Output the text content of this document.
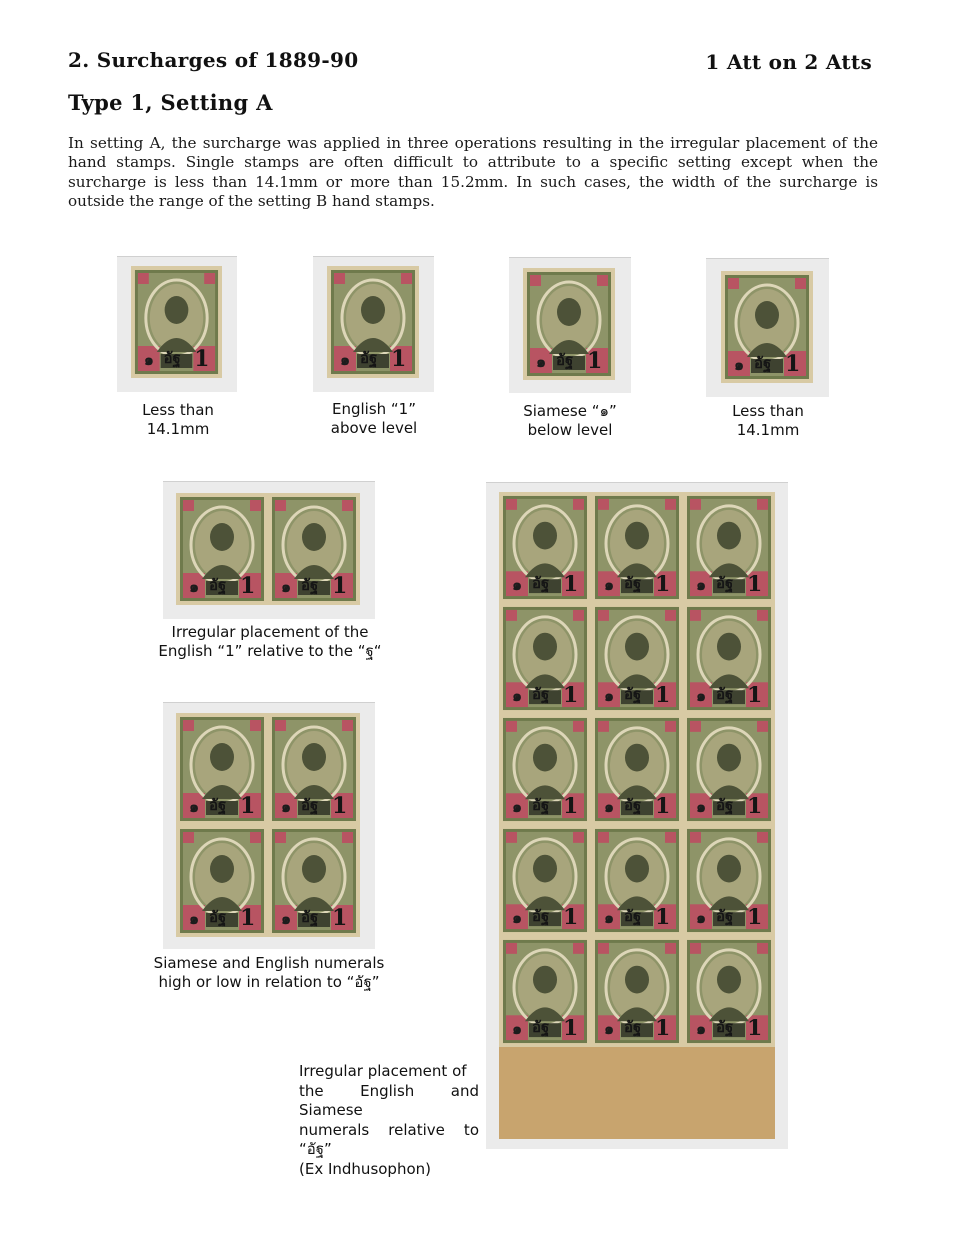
2. Surcharges of 1889-90	1 Att on 2 Atts
Type 1, Setting A
In setting A, the surcharge was applied in three operations resulting in the irregular placement of the hand stamps. Single stamps are often difficult to attribute to a specific setting except when the surcharge is less than 14.1mm or more than 15.2mm. In such cases, the width of the surcharge is outside the range of the setting B hand stamps.
๑ อัฐ 1
Less than
14.1mm
๑ อัฐ 1
English “1”
above level
๑ อัฐ 1
Siamese “๑”
below level
๑ อัฐ 1
Less than
14.1mm
๑ อัฐ 1 ๑ อัฐ 1
Irregular placement of the
English “1” relative to the “ฐ“
๑ อัฐ 1 ๑ อัฐ 1
๑ อัฐ 1 ๑ อัฐ 1
Siamese and English numerals
high or low in relation to “อัฐ”
๑ อัฐ 1 ๑ อัฐ 1 ๑ อัฐ 1
๑ อัฐ 1 ๑ อัฐ 1 ๑ อัฐ 1
๑ อัฐ 1 ๑ อัฐ 1 ๑ อัฐ 1
๑ อัฐ 1 ๑ อัฐ 1 ๑ อัฐ 1
๑ อัฐ 1 ๑ อัฐ 1 ๑ อัฐ 1
Irregular placement of
the English and Siamese
numerals relative to “อัฐ”
(Ex Indhusophon)
